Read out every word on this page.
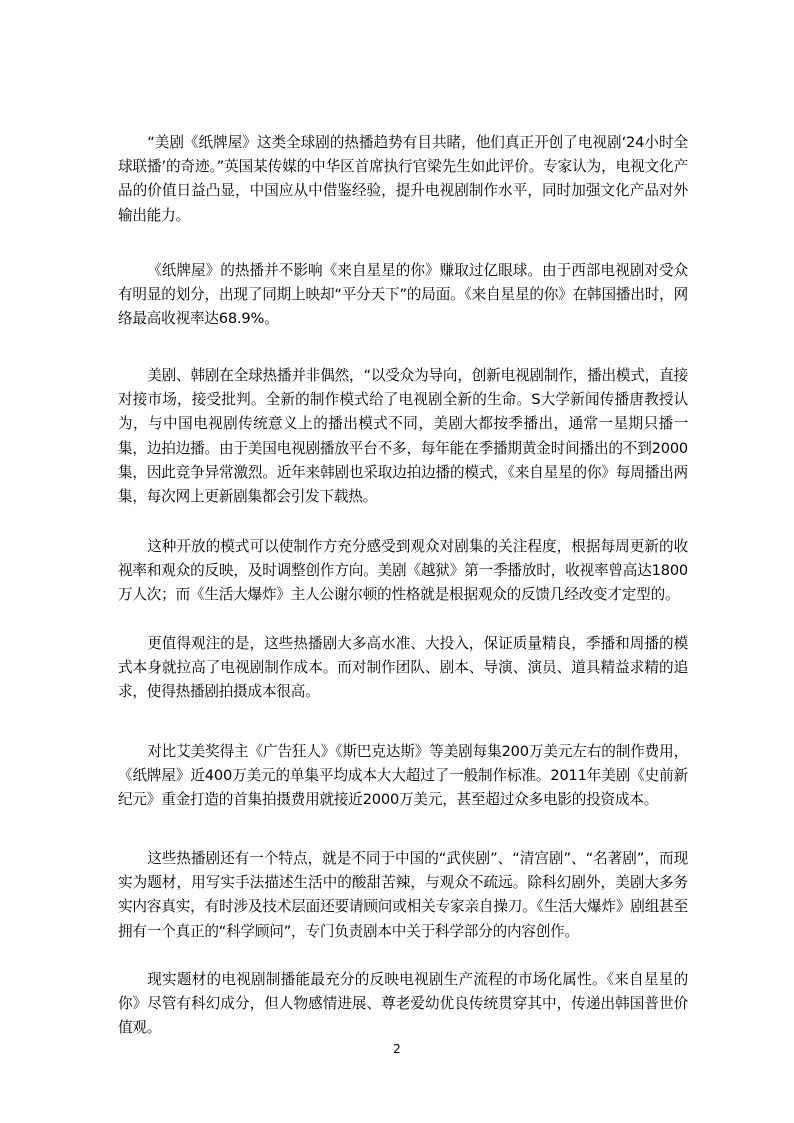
“美剧《纸牌屋》这类全球剧的热播趋势有目共睹，他们真正开创了电视剧‘24小时全球联播’的奇迹。”英国某传媒的中华区首席执行官梁先生如此评价。专家认为，电视文化产品的价值日益凸显，中国应从中借鉴经验，提升电视剧制作水平，同时加强文化产品对外输出能力。

《纸牌屋》的热播并不影响《来自星星的你》赚取过亿眼球。由于西部电视剧对受众有明显的划分，出现了同期上映却“平分天下”的局面。《来自星星的你》在韩国播出时，网络最高收视率达68.9%。

美剧、韩剧在全球热播并非偶然，“以受众为导向，创新电视剧制作，播出模式，直接对接市场，接受批判。全新的制作模式给了电视剧全新的生命。S大学新闻传播唐教授认为，与中国电视剧传统意义上的播出模式不同，美剧大都按季播出，通常一星期只播一集，边拍边播。由于美国电视剧播放平台不多，每年能在季播期黄金时间播出的不到2000集，因此竞争异常激烈。近年来韩剧也采取边拍边播的模式，《来自星星的你》每周播出两集，每次网上更新剧集都会引发下载热。

这种开放的模式可以使制作方充分感受到观众对剧集的关注程度，根据每周更新的收视率和观众的反映，及时调整创作方向。美剧《越狱》第一季播放时，收视率曾高达1800万人次；而《生活大爆炸》主人公谢尔顿的性格就是根据观众的反馈几经改变才定型的。

更值得观注的是，这些热播剧大多高水准、大投入，保证质量精良，季播和周播的模式本身就拉高了电视剧制作成本。而对制作团队、剧本、导演、演员、道具精益求精的追求，使得热播剧拍摄成本很高。

对比艾美奖得主《广告狂人》《斯巴克达斯》等美剧每集200万美元左右的制作费用，《纸牌屋》近400万美元的单集平均成本大大超过了一般制作标准。2011年美剧《史前新纪元》重金打造的首集拍摄费用就接近2000万美元，甚至超过众多电影的投资成本。

这些热播剧还有一个特点，就是不同于中国的“武侠剧”、“清宫剧”、“名著剧”，而现实为题材，用写实手法描述生活中的酸甜苦辣，与观众不疏远。除科幻剧外，美剧大多务实内容真实，有时涉及技术层面还要请顾问或相关专家亲自操刀。《生活大爆炸》剧组甚至拥有一个真正的“科学顾问”，专门负责剧本中关于科学部分的内容创作。

现实题材的电视剧制播能最充分的反映电视剧生产流程的市场化属性。《来自星星的你》尽管有科幻成分，但人物感情进展、尊老爱幼优良传统贯穿其中，传递出韩国普世价值观。

2
